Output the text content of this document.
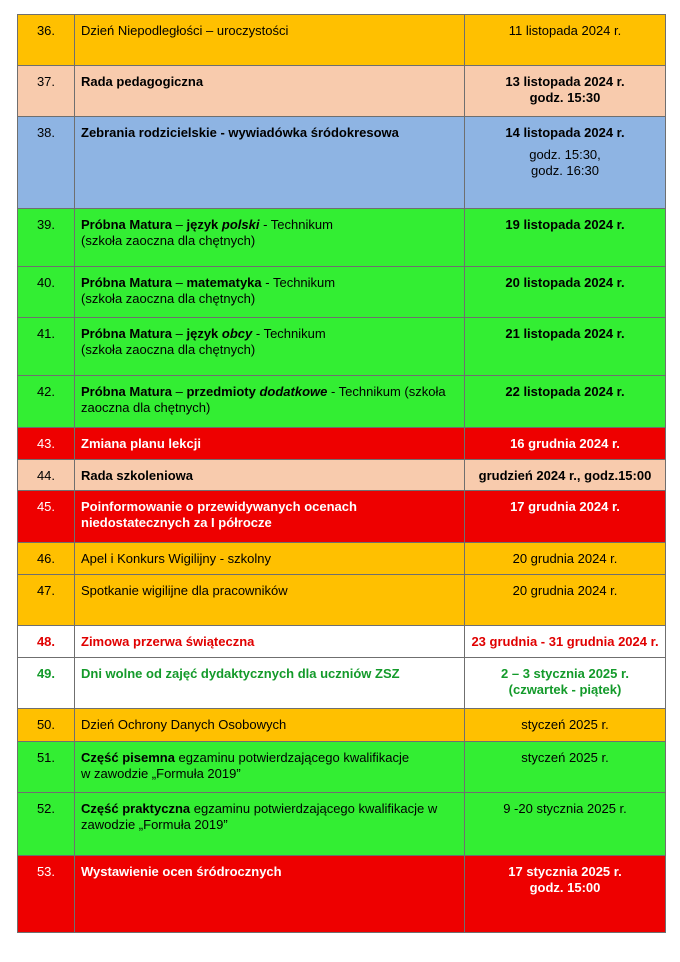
36.	Dzień Niepodległości – uroczystości	11 listopada 2024 r.
37.	Rada pedagogiczna	13 listopada 2024 r.
godz. 15:30

38.	Zebrania rodzicielskie - wywiadówka śródokresowa	14 listopada 2024 r.
godz. 15:30,
godz. 16:30

39.	Próbna Matura – język polski - Technikum
(szkoła zaoczna dla chętnych)	19 listopada 2024 r.
40.	Próbna Matura – matematyka - Technikum
(szkoła zaoczna dla chętnych)	20 listopada 2024 r.
41.	Próbna Matura – język obcy - Technikum
(szkoła zaoczna dla chętnych)	21 listopada 2024 r.
42.	Próbna Matura – przedmioty dodatkowe - Technikum (szkoła
zaoczna dla chętnych)	22 listopada 2024 r.
43.	Zmiana planu lekcji	16 grudnia 2024 r.
44.	Rada szkoleniowa	grudzień 2024 r., godz.15:00
45.	Poinformowanie o przewidywanych ocenach
niedostatecznych za I półrocze	17 grudnia 2024 r.
46.	Apel i Konkurs Wigilijny - szkolny	20 grudnia 2024 r.
47.	Spotkanie wigilijne dla pracowników	20 grudnia 2024 r.
48.	Zimowa przerwa świąteczna	23 grudnia - 31 grudnia 2024 r.
49.	Dni wolne od zajęć dydaktycznych dla uczniów ZSZ	2 – 3 stycznia 2025 r.
(czwartek - piątek)

50.	Dzień Ochrony Danych Osobowych	styczeń 2025 r.
51.	Część pisemna egzaminu potwierdzającego kwalifikacje
w zawodzie „Formuła 2019”	styczeń 2025 r.
52.	Część praktyczna egzaminu potwierdzającego kwalifikacje w
zawodzie „Formuła 2019”	9 -20 stycznia 2025 r.
53.	Wystawienie ocen śródrocznych	17 stycznia 2025 r.
godz. 15:00
